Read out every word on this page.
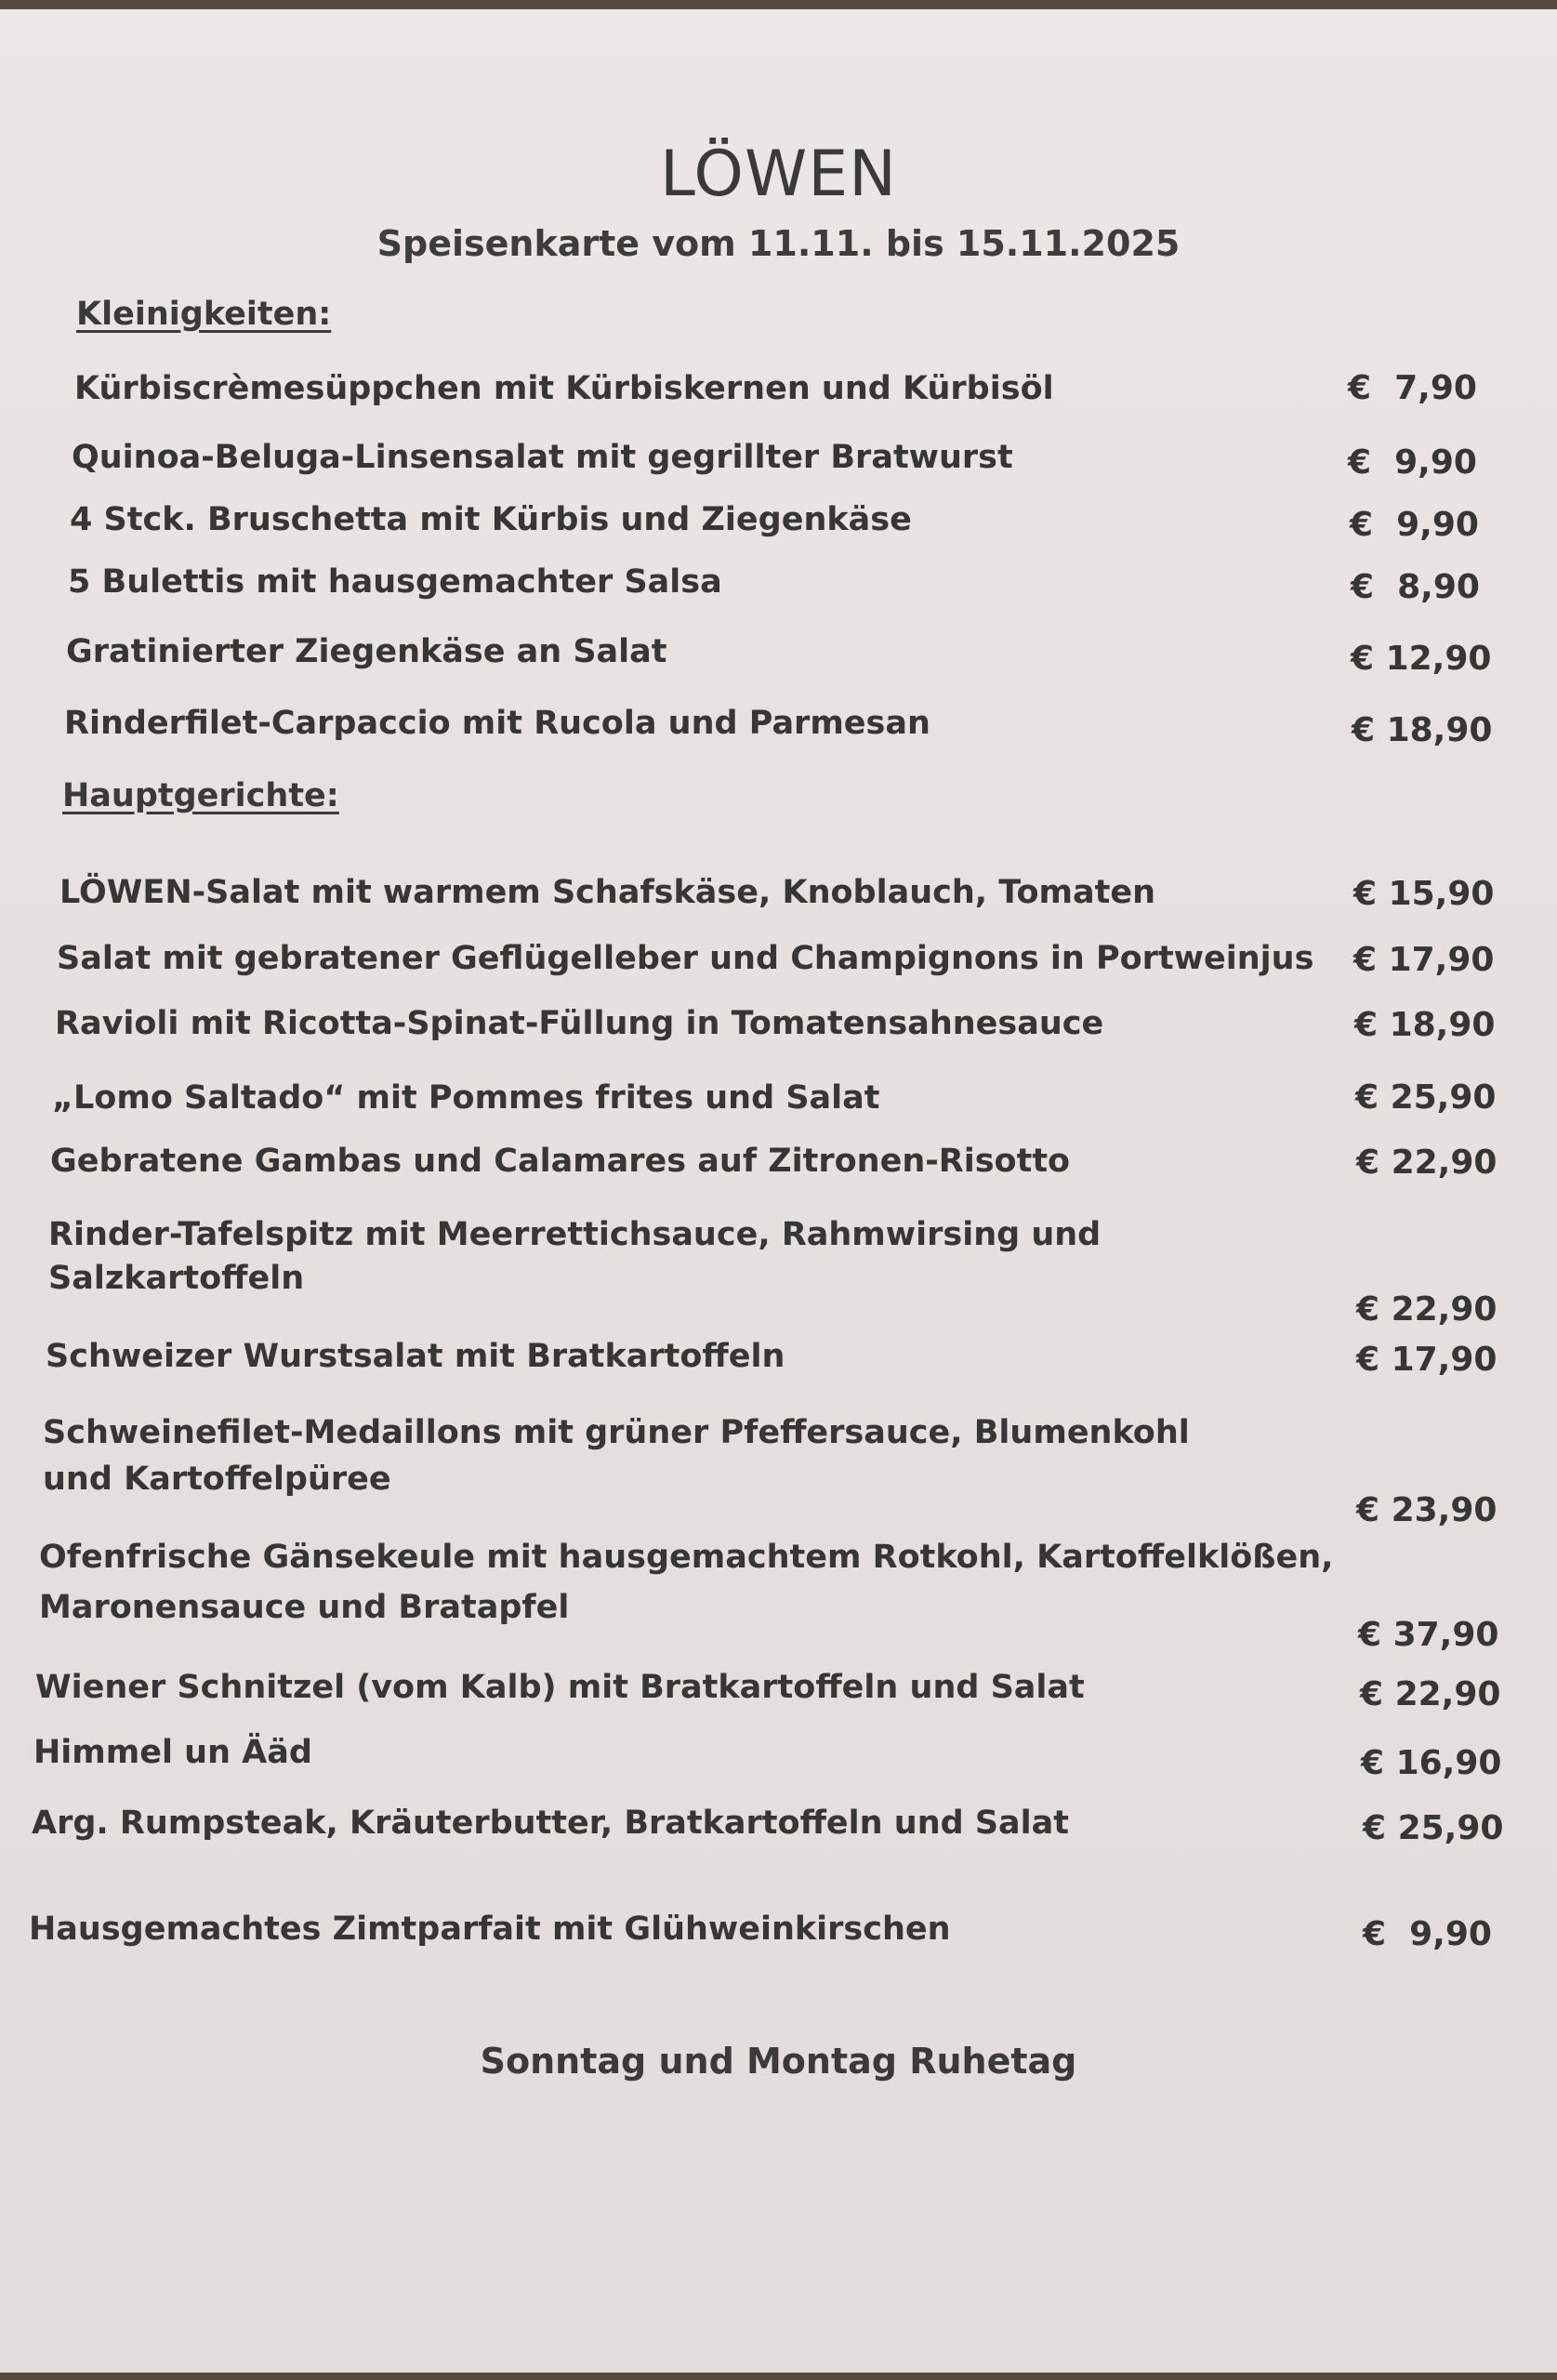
LÖWEN
Speisenkarte vom 11.11. bis 15.11.2025
Kleinigkeiten:
Kürbiscrèmesüppchen mit Kürbiskernen und Kürbisöl	€  7,90
Quinoa-Beluga-Linsensalat mit gegrillter Bratwurst	€  9,90
4 Stck. Bruschetta mit Kürbis und Ziegenkäse	€  9,90
5 Bulettis mit hausgemachter Salsa	€  8,90
Gratinierter Ziegenkäse an Salat	€ 12,90
Rinderfilet-Carpaccio mit Rucola und Parmesan	€ 18,90
Hauptgerichte:
LÖWEN-Salat mit warmem Schafskäse, Knoblauch, Tomaten	€ 15,90
Salat mit gebratener Geflügelleber und Champignons in Portweinjus € 17,90
Ravioli mit Ricotta-Spinat-Füllung in Tomatensahnesauce	€ 18,90
„Lomo Saltado“ mit Pommes frites und Salat	€ 25,90
Gebratene Gambas und Calamares auf Zitronen-Risotto	€ 22,90
Rinder-Tafelspitz mit Meerrettichsauce, Rahmwirsing und
Salzkartoffeln
€ 22,90
Schweizer Wurstsalat mit Bratkartoffeln	€ 17,90
Schweinefilet-Medaillons mit grüner Pfeffersauce, Blumenkohl
und Kartoffelpüree
€ 23,90
Ofenfrische Gänsekeule mit hausgemachtem Rotkohl, Kartoffelklößen,
Maronensauce und Bratapfel
€ 37,90
Wiener Schnitzel (vom Kalb) mit Bratkartoffeln und Salat	€ 22,90
Himmel un Ääd	€ 16,90
Arg. Rumpsteak, Kräuterbutter, Bratkartoffeln und Salat	€ 25,90
Hausgemachtes Zimtparfait mit Glühweinkirschen	€  9,90
Sonntag und Montag Ruhetag
